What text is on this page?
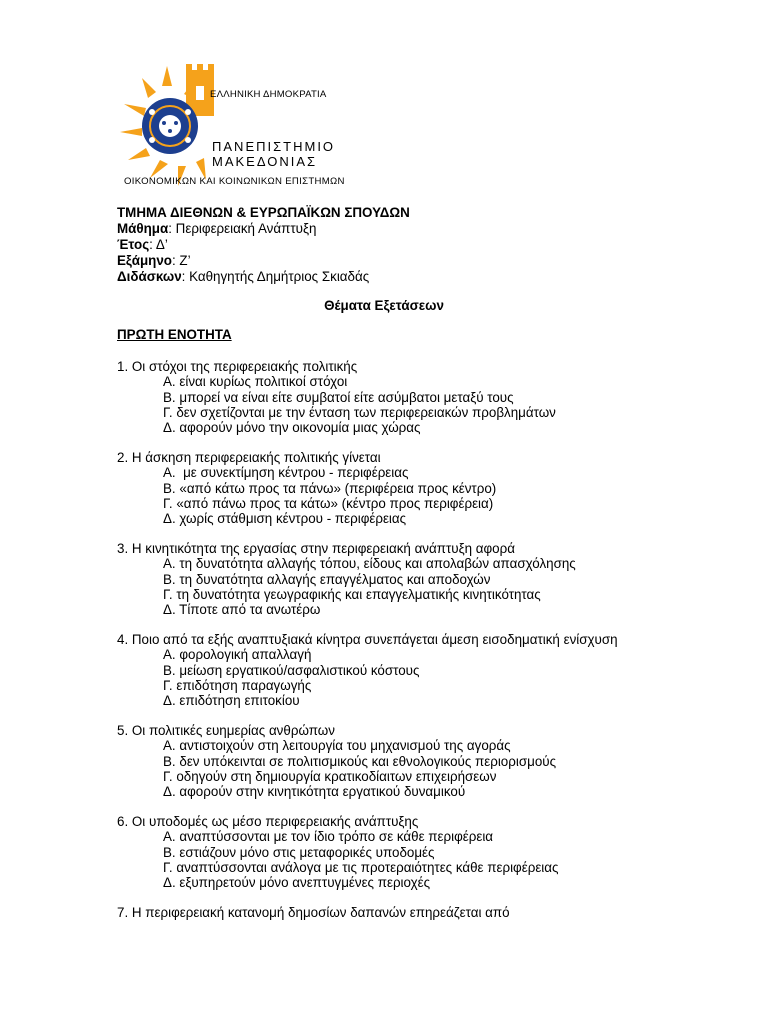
ΕΛΛΗΝΙΚΗ ΔΗΜΟΚΡΑΤΙΑ
ΠΑΝΕΠΙΣΤΗΜΙΟ
ΜΑΚΕΔΟΝΙΑΣ
ΟΙΚΟΝΟΜΙΚΩΝ ΚΑΙ ΚΟΙΝΩΝΙΚΩΝ ΕΠΙΣΤΗΜΩΝ
ΤΜΗΜΑ ΔΙΕΘΝΩΝ & ΕΥΡΩΠΑΪΚΩΝ ΣΠΟΥΔΩΝ
Μάθημα: Περιφερειακή Ανάπτυξη
Έτος: Δ’
Εξάμηνο: Ζ’
Διδάσκων: Καθηγητής Δημήτριος Σκιαδάς
Θέματα Εξετάσεων
ΠΡΩΤΗ ΕΝΟΤΗΤΑ
1. Οι στόχοι της περιφερειακής πολιτικής
Α. είναι κυρίως πολιτικοί στόχοι
Β. μπορεί να είναι είτε συμβατοί είτε ασύμβατοι μεταξύ τους
Γ. δεν σχετίζονται με την ένταση των περιφερειακών προβλημάτων
Δ. αφορούν μόνο την οικονομία μιας χώρας
2. Η άσκηση περιφερειακής πολιτικής γίνεται
Α.  με συνεκτίμηση κέντρου - περιφέρειας
Β. «από κάτω προς τα πάνω» (περιφέρεια προς κέντρο)
Γ. «από πάνω προς τα κάτω» (κέντρο προς περιφέρεια)
Δ. χωρίς στάθμιση κέντρου - περιφέρειας
3. Η κινητικότητα της εργασίας στην περιφερειακή ανάπτυξη αφορά
Α. τη δυνατότητα αλλαγής τόπου, είδους και απολαβών απασχόλησης
Β. τη δυνατότητα αλλαγής επαγγέλματος και αποδοχών
Γ. τη δυνατότητα γεωγραφικής και επαγγελματικής κινητικότητας
Δ. Τίποτε από τα ανωτέρω
4. Ποιο από τα εξής αναπτυξιακά κίνητρα συνεπάγεται άμεση εισοδηματική ενίσχυση
Α. φορολογική απαλλαγή
Β. μείωση εργατικού/ασφαλιστικού κόστους
Γ. επιδότηση παραγωγής
Δ. επιδότηση επιτοκίου
5. Οι πολιτικές ευημερίας ανθρώπων
Α. αντιστοιχούν στη λειτουργία του μηχανισμού της αγοράς
Β. δεν υπόκεινται σε πολιτισμικούς και εθνολογικούς περιορισμούς
Γ. οδηγούν στη δημιουργία κρατικοδίαιτων επιχειρήσεων
Δ. αφορούν στην κινητικότητα εργατικού δυναμικού
6. Οι υποδομές ως μέσο περιφερειακής ανάπτυξης
Α. αναπτύσσονται με τον ίδιο τρόπο σε κάθε περιφέρεια
Β. εστιάζουν μόνο στις μεταφορικές υποδομές
Γ. αναπτύσσονται ανάλογα με τις προτεραιότητες κάθε περιφέρειας
Δ. εξυπηρετούν μόνο ανεπτυγμένες περιοχές
7. Η περιφερειακή κατανομή δημοσίων δαπανών επηρεάζεται από
